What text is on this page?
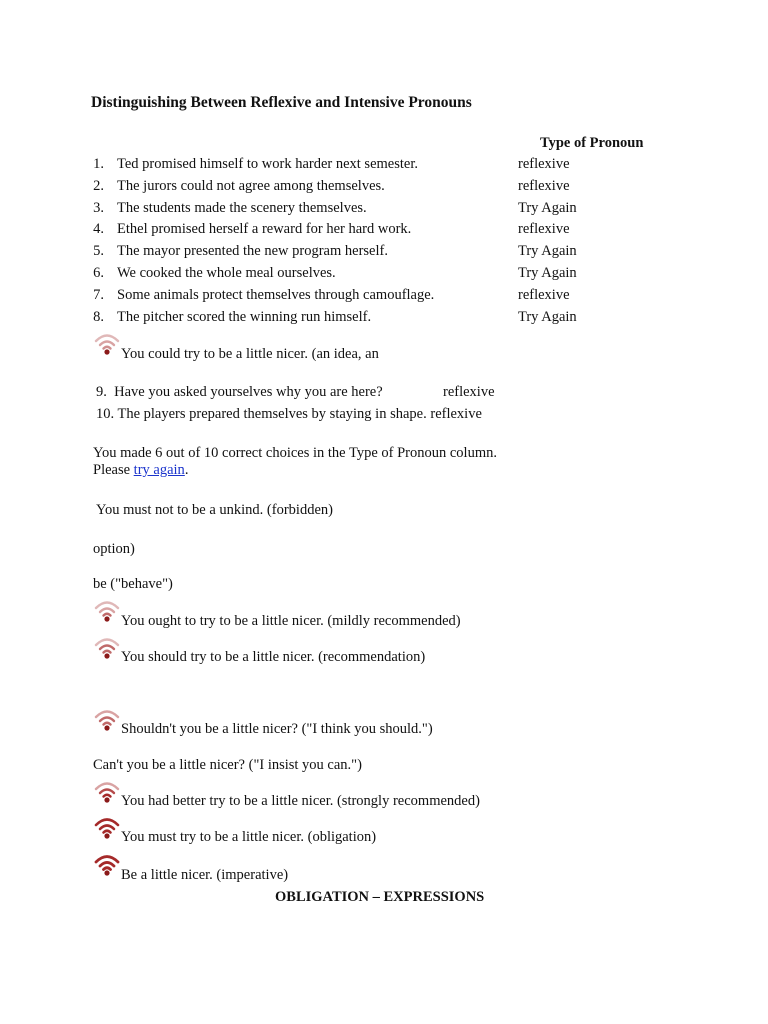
Distinguishing Between Reflexive and Intensive Pronouns
Type of Pronoun
1. Ted promised himself to work harder next semester.	reflexive
2. The jurors could not agree among themselves.	reflexive
3. The students made the scenery themselves.	Try Again
4. Ethel promised herself a reward for her hard work.	reflexive
5. The mayor presented the new program herself.	Try Again
6. We cooked the whole meal ourselves.	Try Again
7. Some animals protect themselves through camouflage.	reflexive
8. The pitcher scored the winning run himself.	Try Again
You could try to be a little nicer. (an idea, an
9. Have you asked yourselves why you are here?	reflexive
10. The players prepared themselves by staying in shape. reflexive
You made 6 out of 10 correct choices in the Type of Pronoun column.
Please try again.
You must not to be a unkind. (forbidden)
option)
be ("behave")
You ought to try to be a little nicer. (mildly recommended)
You should try to be a little nicer. (recommendation)
Shouldn't you be a little nicer? ("I think you should.")
Can't you be a little nicer? ("I insist you can.")
You had better try to be a little nicer. (strongly recommended)
You must try to be a little nicer. (obligation)
Be a little nicer. (imperative)
OBLIGATION – EXPRESSIONS
